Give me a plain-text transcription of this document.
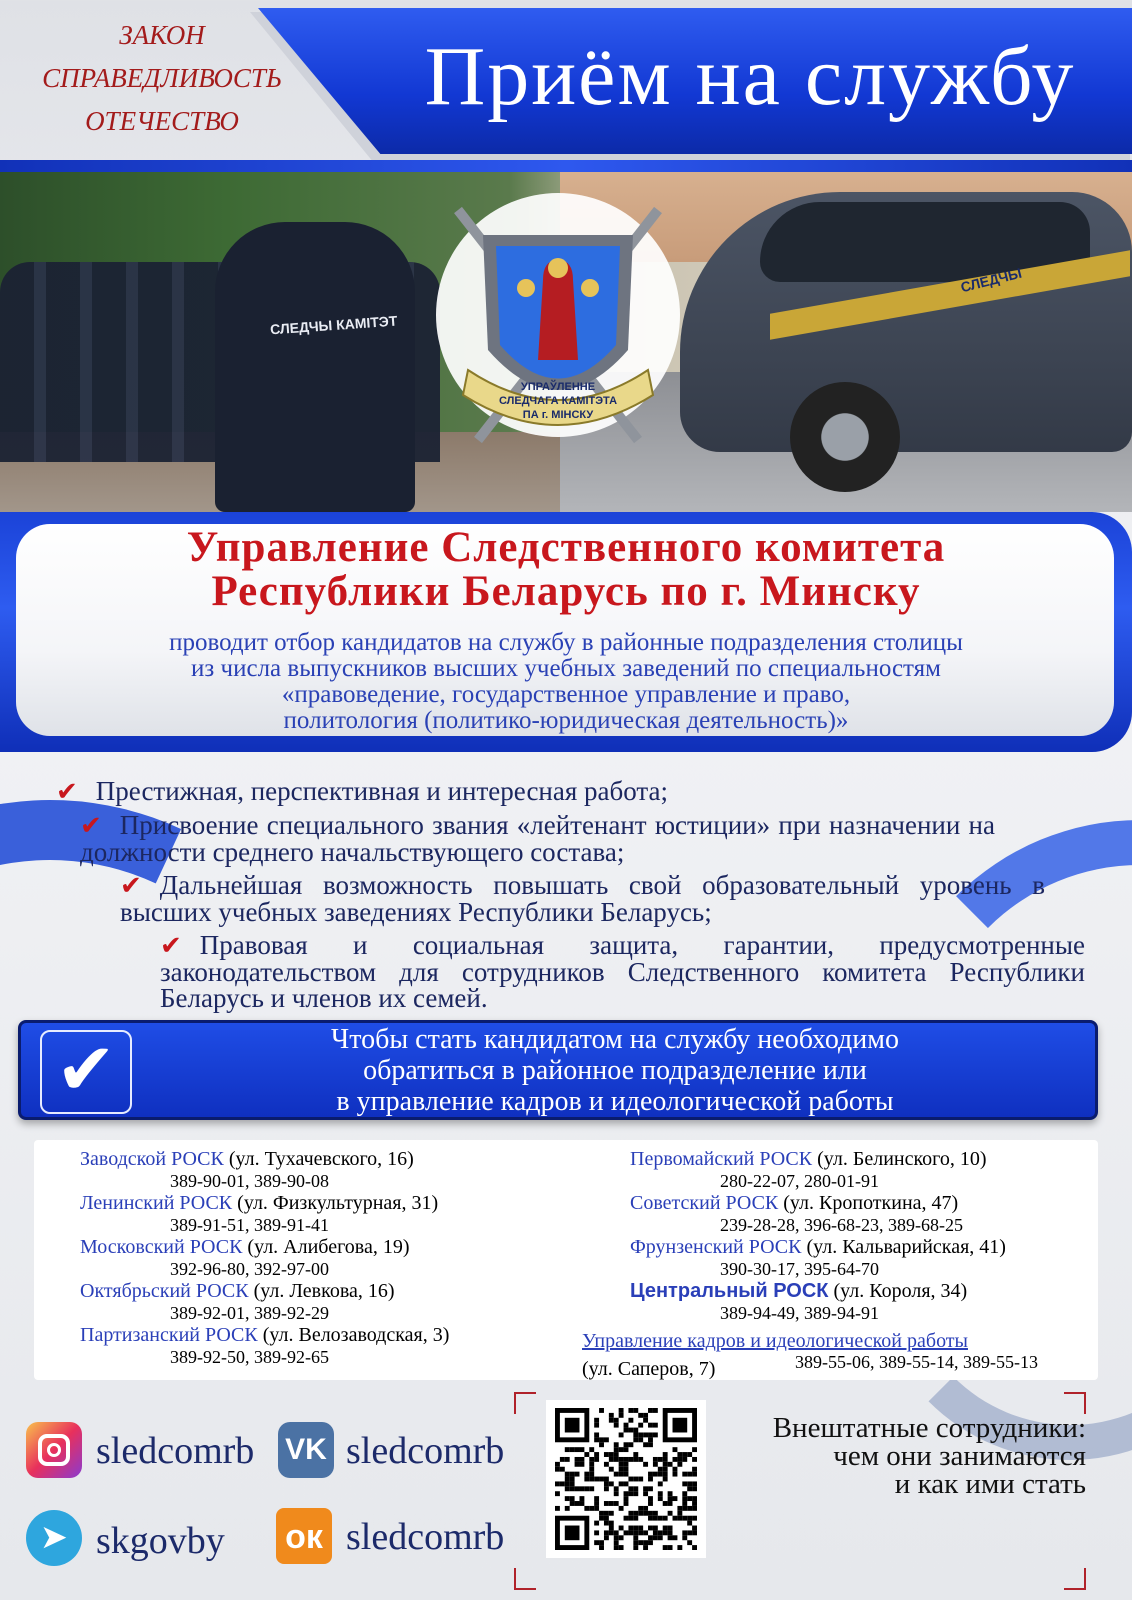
ЗАКОН
СПРАВЕДЛИВОСТЬ
ОТЕЧЕСТВО	Приём на службу
СЛЕДЧЫ КАМІТЭТ
СЛЕДЧЫ
УПРАЎЛЕННЕ
СЛЕДЧАГА КАМІТЭТА
ПА г. МІНСКУ
Управление Следственного комитета
Республики Беларусь по г. Минску
проводит отбор кандидатов на службу в районные подразделения столицы
из числа выпускников высших учебных заведений по специальностям
«правоведение, государственное управление и право,
политология (политико-юридическая деятельность)»
✔ Престижная, перспективная и интересная работа;
✔ Присвоение специального звания «лейтенант юстиции» при назначении на должности среднего начальствующего состава;
✔ Дальнейшая возможность повышать свой образовательный уровень в высших учебных заведениях Республики Беларусь;
✔ Правовая и социальная защита, гарантии, предусмотренные законодательством для сотрудников Следственного комитета Республики Беларусь и членов их семей.
✔	Чтобы стать кандидатом на службу необходимо
обратиться в районное подразделение или
в управление кадров и идеологической работы
Заводской РОСК (ул. Тухачевского, 16)
389-90-01, 389-90-08
Ленинский РОСК (ул. Физкультурная, 31)
389-91-51, 389-91-41
Московский РОСК (ул. Алибегова, 19)
392-96-80, 392-97-00
Октябрьский РОСК (ул. Левкова, 16)
389-92-01, 389-92-29
Партизанский РОСК (ул. Велозаводская, 3)
389-92-50, 389-92-65
Первомайский РОСК (ул. Белинского, 10)
280-22-07, 280-01-91
Советский РОСК (ул. Кропоткина, 47)
239-28-28, 396-68-23, 389-68-25
Фрунзенский РОСК (ул. Кальварийская, 41)
390-30-17, 395-64-70
Центральный РОСК (ул. Короля, 34)
389-94-49, 389-94-91
Управление кадров и идеологической работы
(ул. Саперов, 7)	389-55-06, 389-55-14, 389-55-13
sledcomrb VK sledcomrb
➤ skgovby ок sledcomrb
Внештатные сотрудники:
чем они занимаются
и как ими стать
